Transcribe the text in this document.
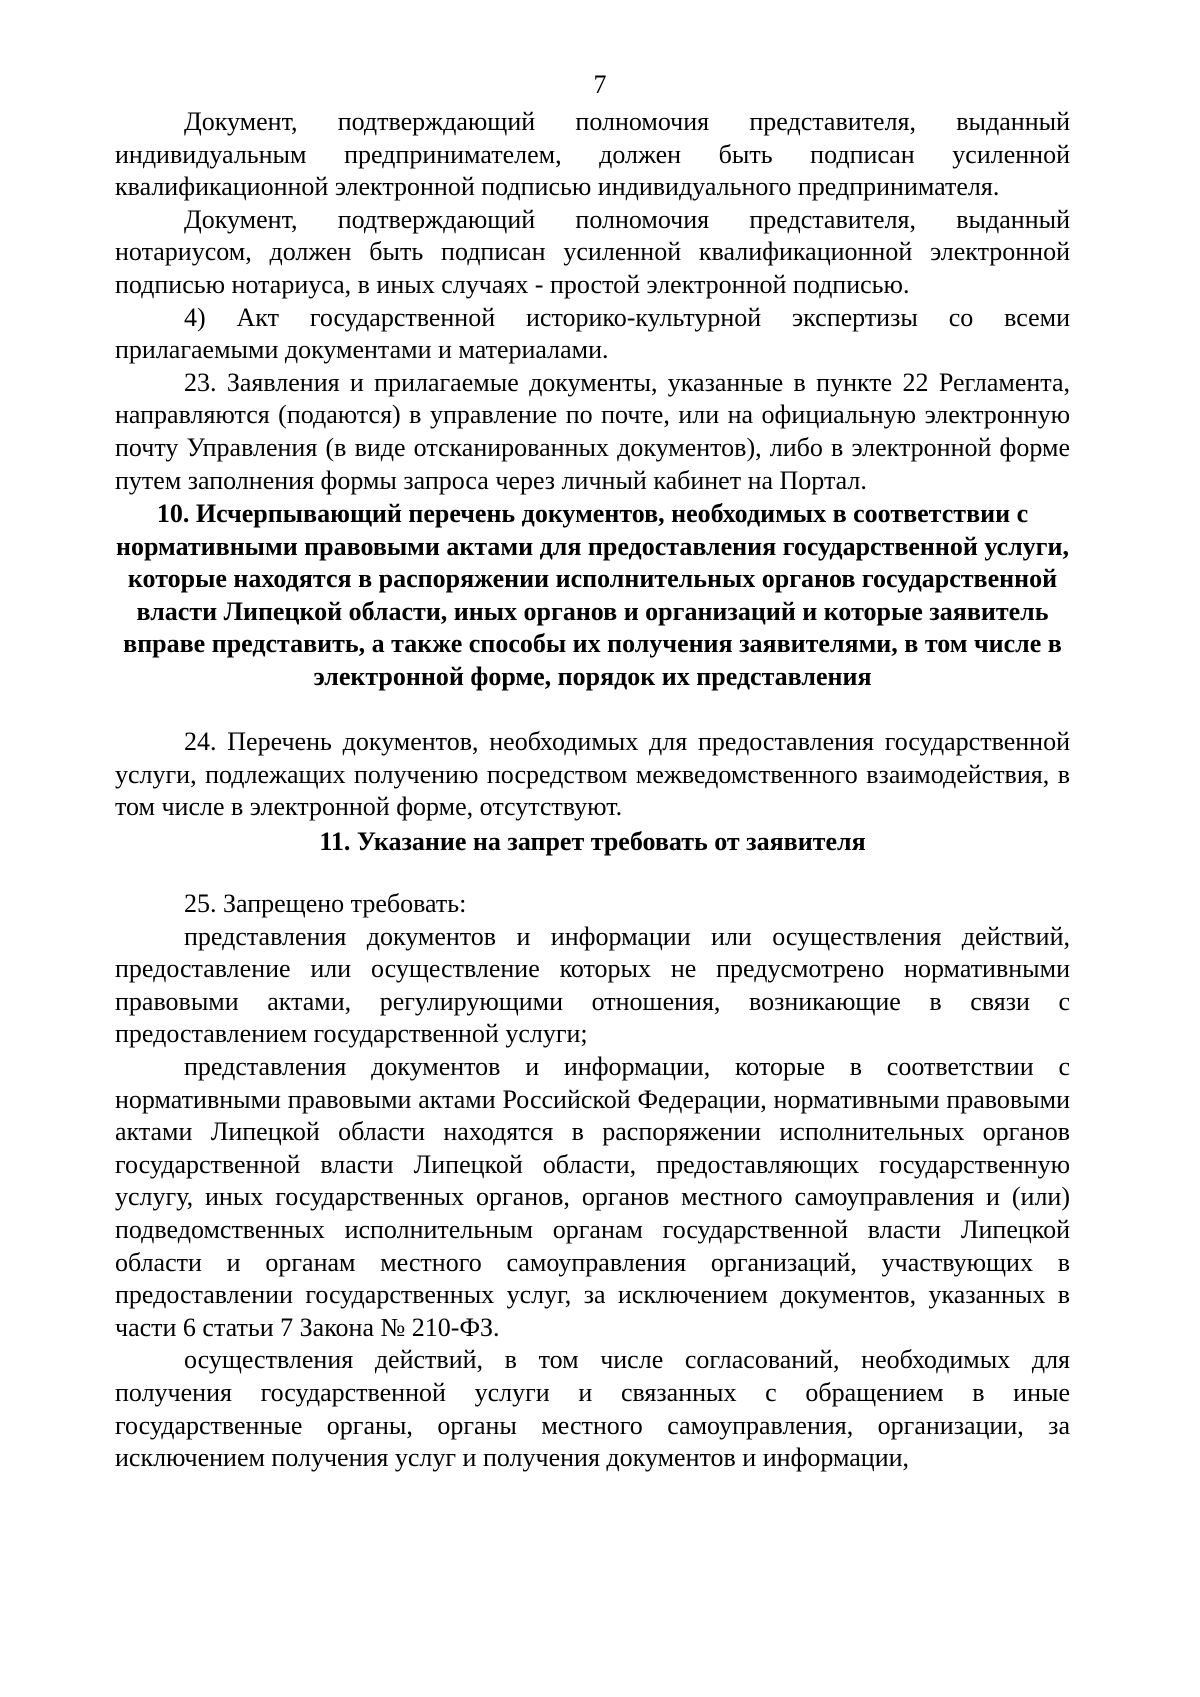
7

Документ, подтверждающий полномочия представителя, выданный индивидуальным предпринимателем, должен быть подписан усиленной квалификационной электронной подписью индивидуального предпринимателя.

Документ, подтверждающий полномочия представителя, выданный нотариусом, должен быть подписан усиленной квалификационной электронной подписью нотариуса, в иных случаях - простой электронной подписью.

4) Акт государственной историко-культурной экспертизы со всеми прилагаемыми документами и материалами.

23. Заявления и прилагаемые документы, указанные в пункте 22 Регламента, направляются (подаются) в управление по почте, или на официальную электронную почту Управления (в виде отсканированных документов), либо в электронной форме путем заполнения формы запроса через личный кабинет на Портал.

10. Исчерпывающий перечень документов, необходимых в соответствии с нормативными правовыми актами для предоставления государственной услуги, которые находятся в распоряжении исполнительных органов государственной власти Липецкой области, иных органов и организаций и которые заявитель вправе представить, а также способы их получения заявителями, в том числе в электронной форме, порядок их представления

24. Перечень документов, необходимых для предоставления государственной услуги, подлежащих получению посредством межведомственного взаимодействия, в том числе в электронной форме, отсутствуют.

11. Указание на запрет требовать от заявителя

25. Запрещено требовать:

представления документов и информации или осуществления действий, предоставление или осуществление которых не предусмотрено нормативными правовыми актами, регулирующими отношения, возникающие в связи с предоставлением государственной услуги;

представления документов и информации, которые в соответствии с нормативными правовыми актами Российской Федерации, нормативными правовыми актами Липецкой области находятся в распоряжении исполнительных органов государственной власти Липецкой области, предоставляющих государственную услугу, иных государственных органов, органов местного самоуправления и (или) подведомственных исполнительным органам государственной власти Липецкой области и органам местного самоуправления организаций, участвующих в предоставлении государственных услуг, за исключением документов, указанных в части 6 статьи 7 Закона № 210-ФЗ.

осуществления действий, в том числе согласований, необходимых для получения государственной услуги и связанных с обращением в иные государственные органы, органы местного самоуправления, организации, за исключением получения услуг и получения документов и информации,
